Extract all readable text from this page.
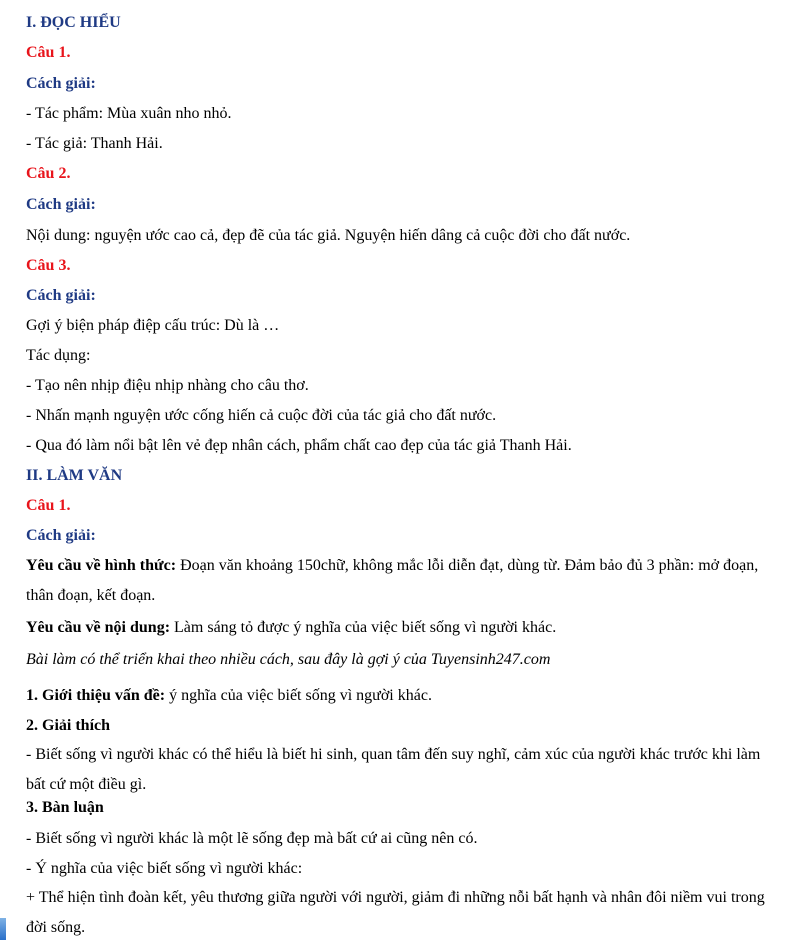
I. ĐỌC HIỂU
Câu 1.
Cách giải:
- Tác phẩm: Mùa xuân nho nhỏ.
- Tác giả: Thanh Hải.
Câu 2.
Cách giải:
Nội dung: nguyện ước cao cả, đẹp đẽ của tác giả. Nguyện hiến dâng cả cuộc đời cho đất nước.
Câu 3.
Cách giải:
Gợi ý biện pháp điệp cấu trúc: Dù là …
Tác dụng:
- Tạo nên nhịp điệu nhịp nhàng cho câu thơ.
- Nhấn mạnh nguyện ước cống hiến cả cuộc đời của tác giả cho đất nước.
- Qua đó làm nổi bật lên vẻ đẹp nhân cách, phẩm chất cao đẹp của tác giả Thanh Hải.
II. LÀM VĂN
Câu 1.
Cách giải:
Yêu cầu về hình thức: Đoạn văn khoảng 150chữ, không mắc lỗi diễn đạt, dùng từ. Đảm bảo đủ 3 phần: mở đoạn, thân đoạn, kết đoạn.
Yêu cầu về nội dung: Làm sáng tỏ được ý nghĩa của việc biết sống vì người khác.
Bài làm có thể triển khai theo nhiều cách, sau đây là gợi ý của Tuyensinh247.com
1. Giới thiệu vấn đề: ý nghĩa của việc biết sống vì người khác.
2. Giải thích
- Biết sống vì người khác có thể hiểu là biết hi sinh, quan tâm đến suy nghĩ, cảm xúc của người khác trước khi làm bất cứ một điều gì.
3. Bàn luận
- Biết sống vì người khác là một lẽ sống đẹp mà bất cứ ai cũng nên có.
- Ý nghĩa của việc biết sống vì người khác:
+ Thể hiện tình đoàn kết, yêu thương giữa người với người, giảm đi những nỗi bất hạnh và nhân đôi niềm vui trong đời sống.
